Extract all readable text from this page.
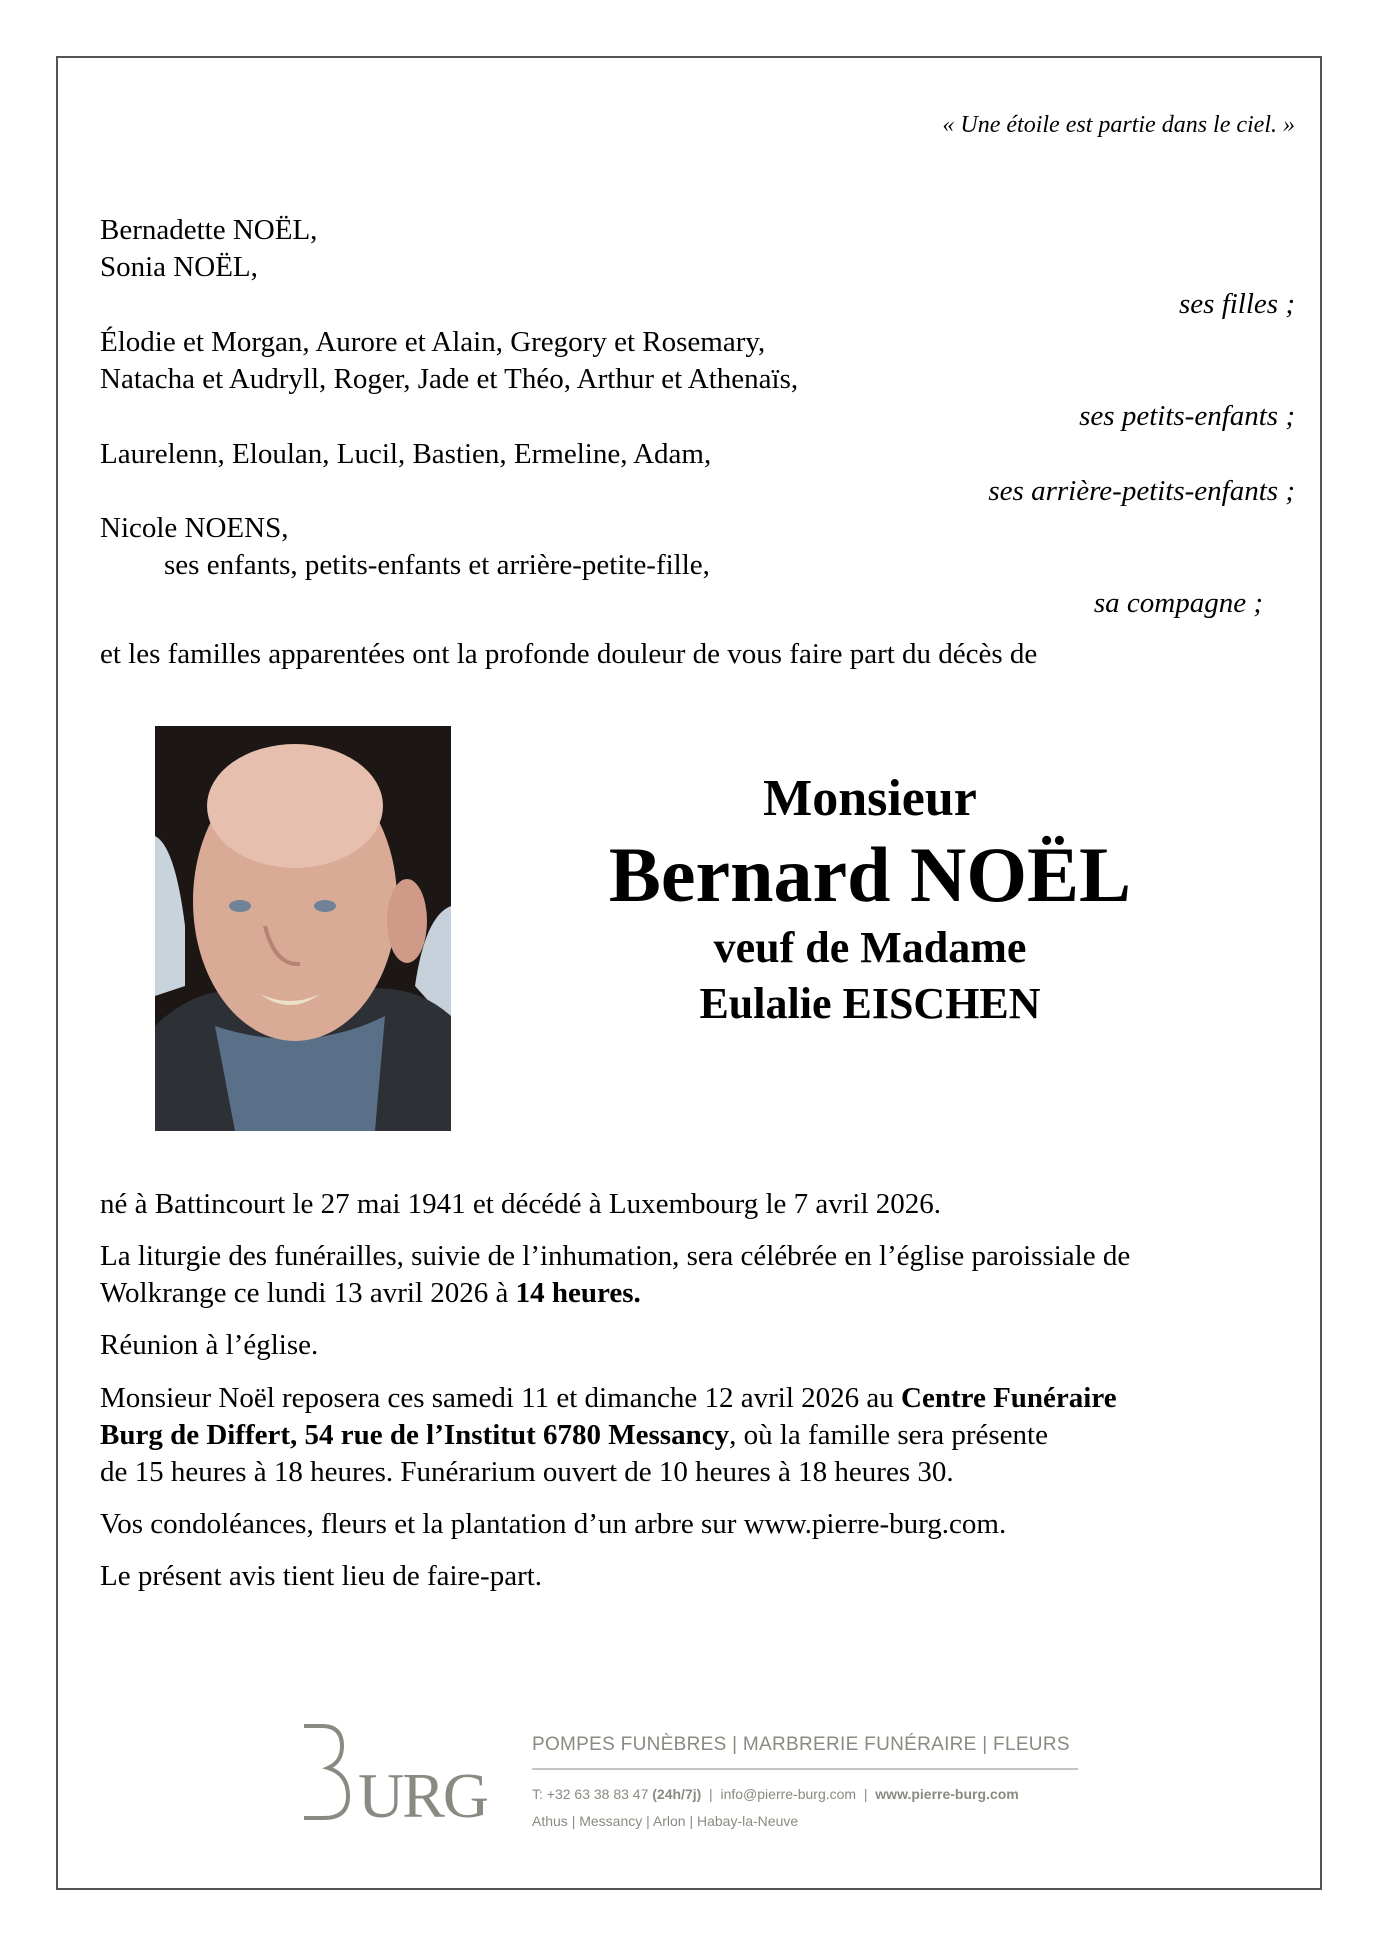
« Une étoile est partie dans le ciel. »
Bernadette NOËL,
Sonia NOËL,
ses filles ;
Élodie et Morgan, Aurore et Alain, Gregory et Rosemary,
Natacha et Audryll, Roger, Jade et Théo, Arthur et Athenaïs,
ses petits-enfants ;
Laurelenn, Eloulan, Lucil, Bastien, Ermeline, Adam,
ses arrière-petits-enfants ;
Nicole NOENS,
ses enfants, petits-enfants et arrière-petite-fille,
sa compagne ;
et les familles apparentées ont la profonde douleur de vous faire part du décès de
Monsieur
Bernard NOËL
veuf de Madame
Eulalie EISCHEN
né à Battincourt le 27 mai 1941 et décédé à Luxembourg le 7 avril 2026.
La liturgie des funérailles, suivie de l’inhumation, sera célébrée en l’église paroissiale de
Wolkrange ce lundi 13 avril 2026 à 14 heures.
Réunion à l’église.
Monsieur Noël reposera ces samedi 11 et dimanche 12 avril 2026 au Centre Funéraire
Burg de Differt, 54 rue de l’Institut 6780 Messancy, où la famille sera présente
de 15 heures à 18 heures. Funérarium ouvert de 10 heures à 18 heures 30.
Vos condoléances, fleurs et la plantation d’un arbre sur www.pierre-burg.com.
Le présent avis tient lieu de faire-part.
URG
POMPES FUNÈBRES | MARBRERIE FUNÉRAIRE | FLEURS
T: +32 63 38 83 47 (24h/7j)  |  info@pierre-burg.com  |  www.pierre-burg.com
Athus | Messancy | Arlon | Habay-la-Neuve
